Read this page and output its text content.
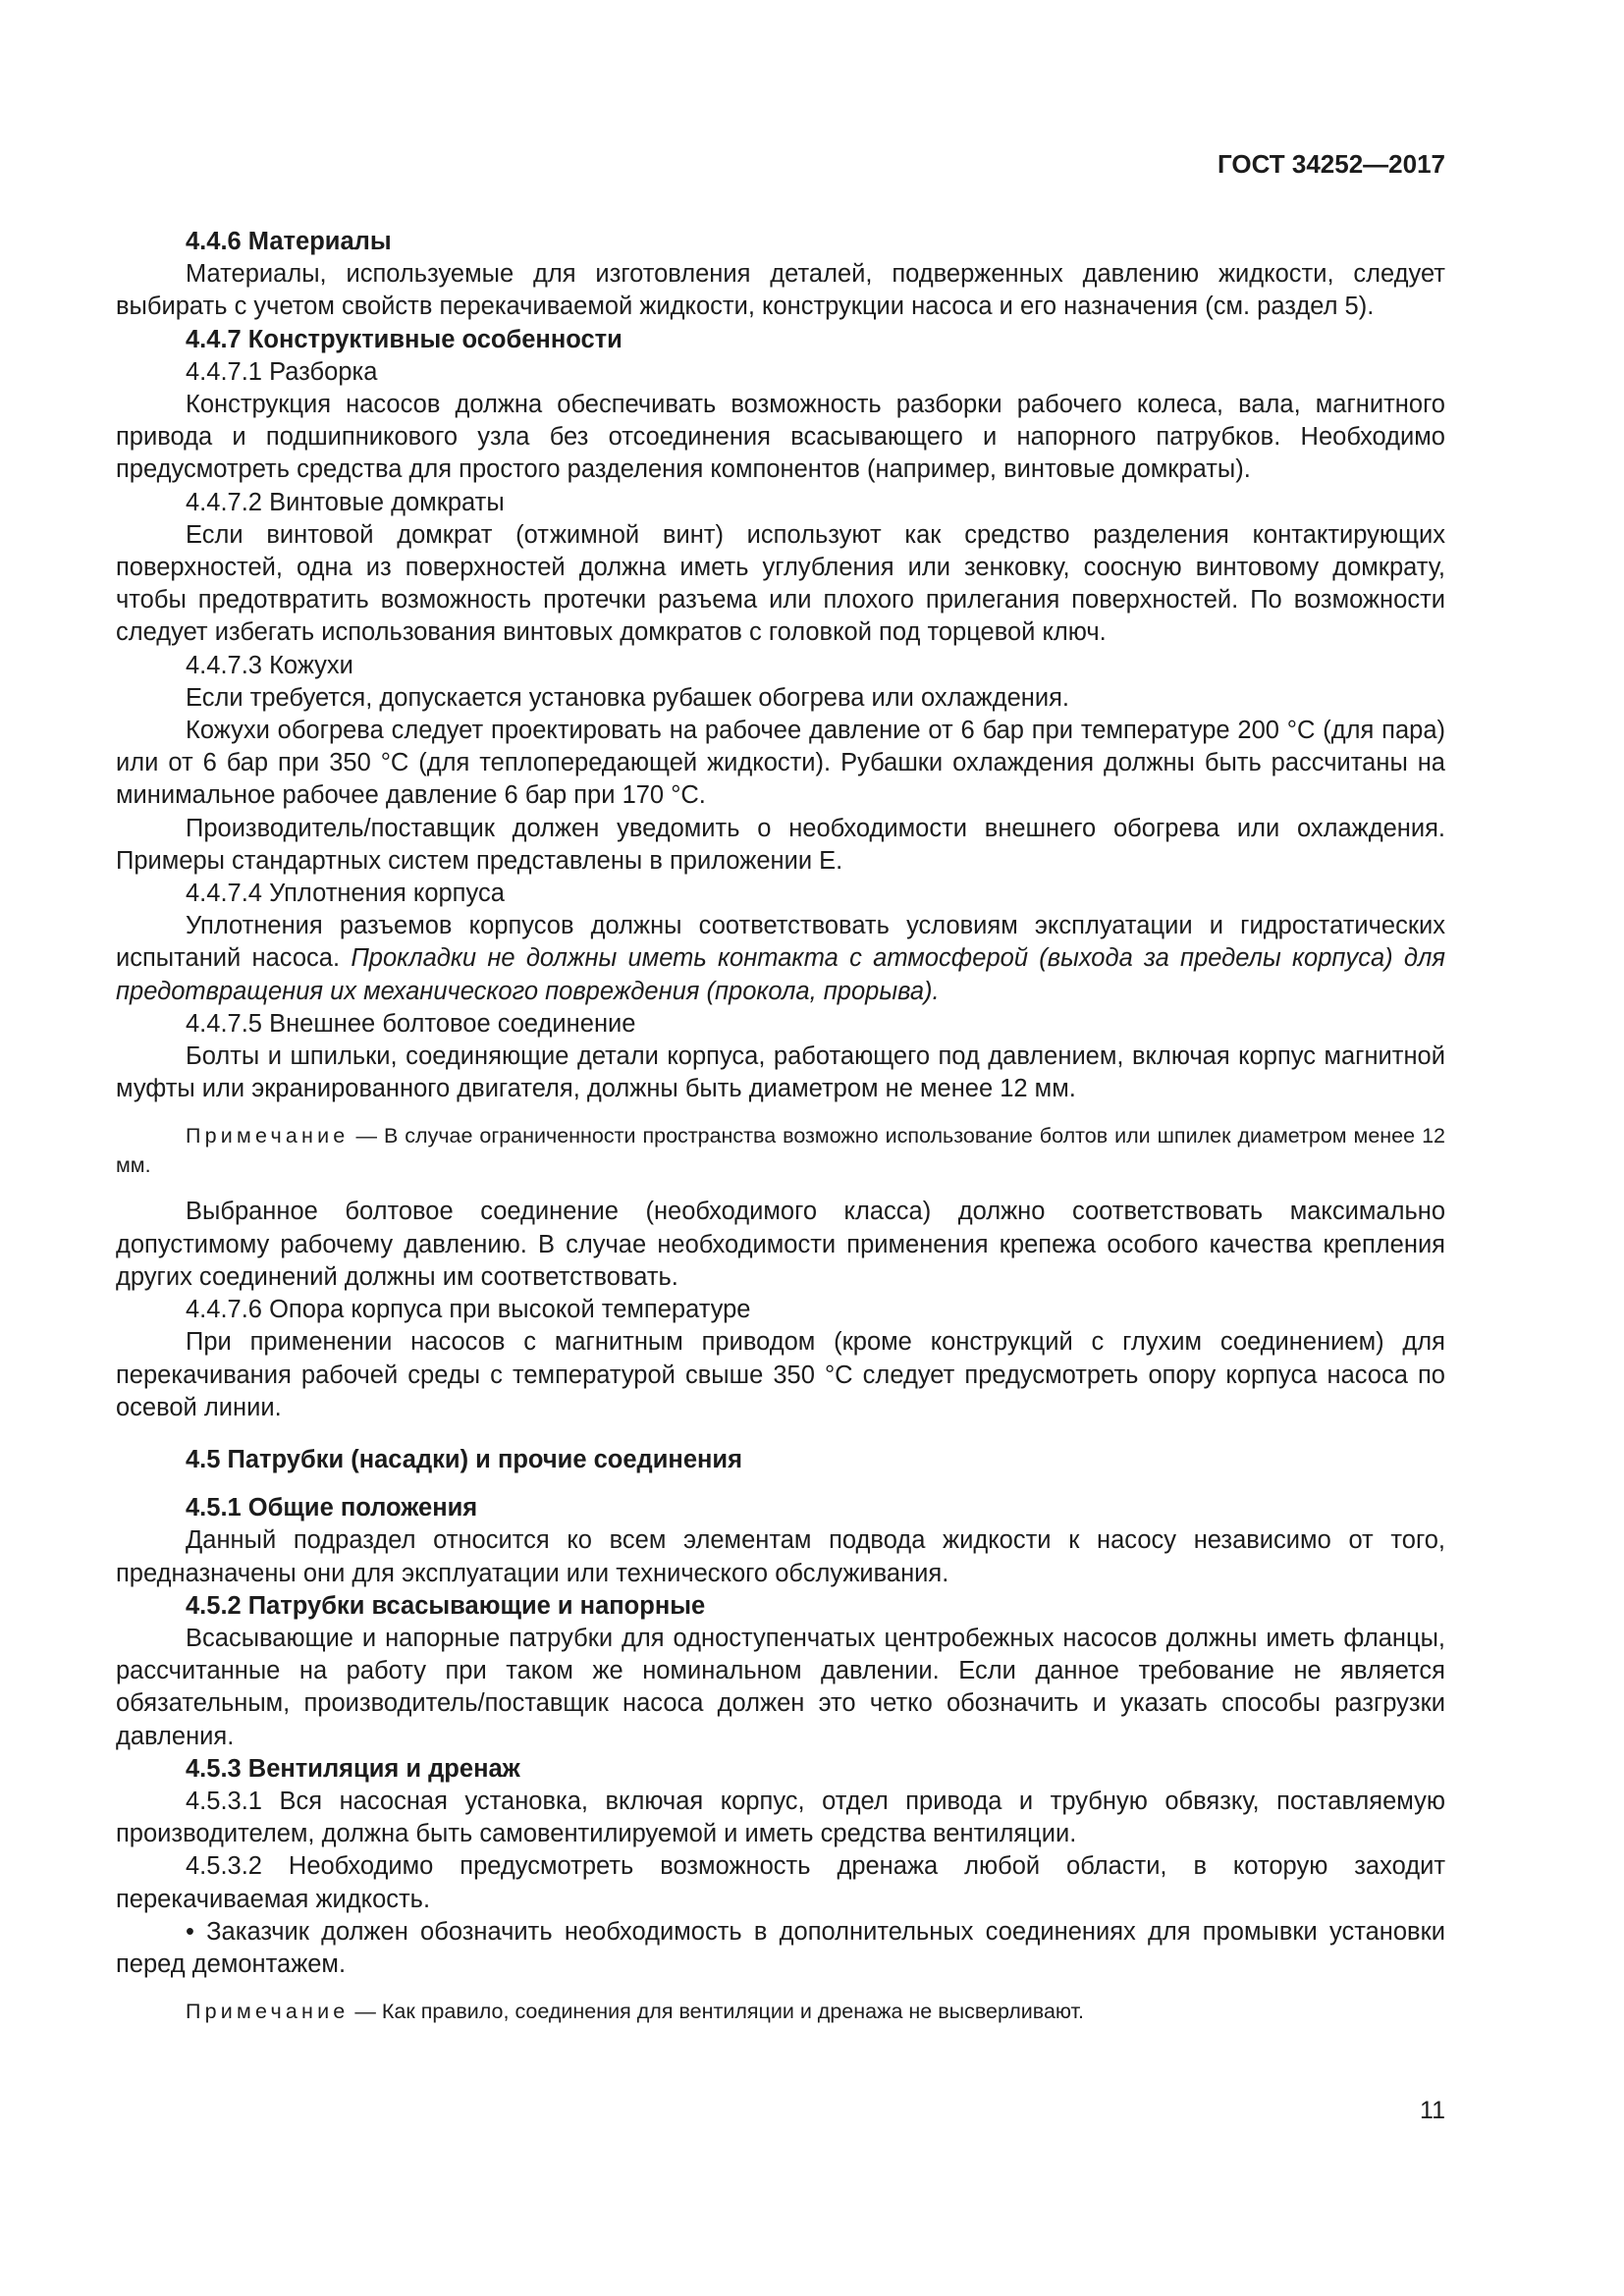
ГОСТ 34252—2017

4.4.6 Материалы

Материалы, используемые для изготовления деталей, подверженных давлению жидкости, следует выбирать с учетом свойств перекачиваемой жидкости, конструкции насоса и его назначения (см. раздел 5).

4.4.7 Конструктивные особенности

4.4.7.1 Разборка

Конструкция насосов должна обеспечивать возможность разборки рабочего колеса, вала, магнитного привода и подшипникового узла без отсоединения всасывающего и напорного патрубков. Необходимо предусмотреть средства для простого разделения компонентов (например, винтовые домкраты).

4.4.7.2 Винтовые домкраты

Если винтовой домкрат (отжимной винт) используют как средство разделения контактирующих поверхностей, одна из поверхностей должна иметь углубления или зенковку, соосную винтовому домкрату, чтобы предотвратить возможность протечки разъема или плохого прилегания поверхностей. По возможности следует избегать использования винтовых домкратов с головкой под торцевой ключ.

4.4.7.3 Кожухи

Если требуется, допускается установка рубашек обогрева или охлаждения.

Кожухи обогрева следует проектировать на рабочее давление от 6 бар при температуре 200 °С (для пара) или от 6 бар при 350 °С (для теплопередающей жидкости). Рубашки охлаждения должны быть рассчитаны на минимальное рабочее давление 6 бар при 170 °С.

Производитель/поставщик должен уведомить о необходимости внешнего обогрева или охлаждения. Примеры стандартных систем представлены в приложении Е.

4.4.7.4 Уплотнения корпуса

Уплотнения разъемов корпусов должны соответствовать условиям эксплуатации и гидростатических испытаний насоса. Прокладки не должны иметь контакта с атмосферой (выхода за пределы корпуса) для предотвращения их механического повреждения (прокола, прорыва).

4.4.7.5 Внешнее болтовое соединение

Болты и шпильки, соединяющие детали корпуса, работающего под давлением, включая корпус магнитной муфты или экранированного двигателя, должны быть диаметром не менее 12 мм.

Примечание — В случае ограниченности пространства возможно использование болтов или шпилек диаметром менее 12 мм.

Выбранное болтовое соединение (необходимого класса) должно соответствовать максимально допустимому рабочему давлению. В случае необходимости применения крепежа особого качества крепления других соединений должны им соответствовать.

4.4.7.6 Опора корпуса при высокой температуре

При применении насосов с магнитным приводом (кроме конструкций с глухим соединением) для перекачивания рабочей среды с температурой свыше 350 °С следует предусмотреть опору корпуса насоса по осевой линии.

4.5 Патрубки (насадки) и прочие соединения

4.5.1 Общие положения

Данный подраздел относится ко всем элементам подвода жидкости к насосу независимо от того, предназначены они для эксплуатации или технического обслуживания.

4.5.2 Патрубки всасывающие и напорные

Всасывающие и напорные патрубки для одноступенчатых центробежных насосов должны иметь фланцы, рассчитанные на работу при таком же номинальном давлении. Если данное требование не является обязательным, производитель/поставщик насоса должен это четко обозначить и указать способы разгрузки давления.

4.5.3 Вентиляция и дренаж

4.5.3.1 Вся насосная установка, включая корпус, отдел привода и трубную обвязку, поставляемую производителем, должна быть самовентилируемой и иметь средства вентиляции.

4.5.3.2 Необходимо предусмотреть возможность дренажа любой области, в которую заходит перекачиваемая жидкость.

• Заказчик должен обозначить необходимость в дополнительных соединениях для промывки установки перед демонтажем.

Примечание — Как правило, соединения для вентиляции и дренажа не высверливают.

11
